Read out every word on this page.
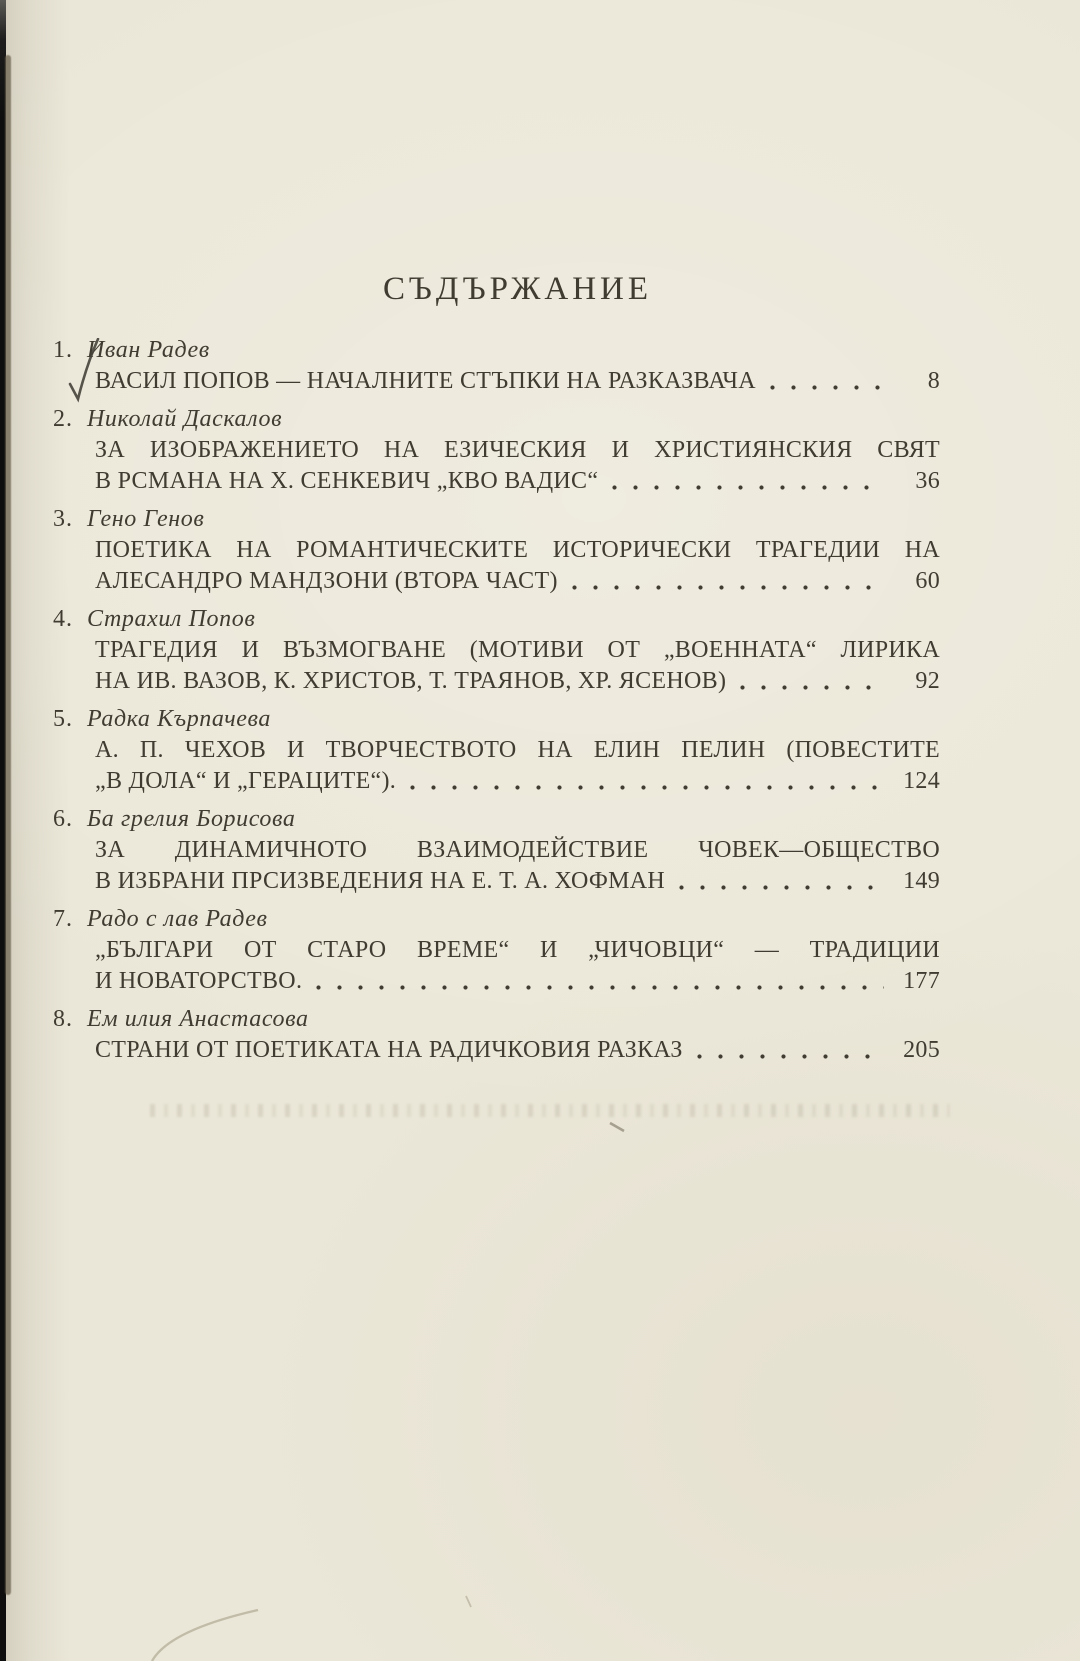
СЪДЪРЖАНИЕ
1. Иван Радев
ВАСИЛ ПОПОВ — НАЧАЛНИТЕ СТЪПКИ НА РАЗКАЗВАЧА	8
2. Николай Даскалов
ЗА ИЗОБРАЖЕНИЕТО НА ЕЗИЧЕСКИЯ И ХРИСТИЯНСКИЯ СВЯТ
В РСМАНА НА Х. СЕНКЕВИЧ „КВО ВАДИС“	36
3. Гено Генов
ПОЕТИКА НА РОМАНТИЧЕСКИТЕ ИСТОРИЧЕСКИ ТРАГЕДИИ НА
АЛЕСАНДРО МАНДЗОНИ (ВТОРА ЧАСТ)	60
4. Страхил Попов
ТРАГЕДИЯ И ВЪЗМОГВАНЕ (МОТИВИ ОТ „ВОЕННАТА“ ЛИРИКА
НА ИВ. ВАЗОВ, К. ХРИСТОВ, Т. ТРАЯНОВ, ХР. ЯСЕНОВ)	92
5. Радка Кърпачева
А. П. ЧЕХОВ И ТВОРЧЕСТВОТО НА ЕЛИН ПЕЛИН (ПОВЕСТИТЕ
„В ДОЛА“ И „ГЕРАЦИТЕ“).	124
6. Ба грелия Борисова
ЗА ДИНАМИЧНОТО ВЗАИМОДЕЙСТВИЕ ЧОВЕК—ОБЩЕСТВО
В ИЗБРАНИ ПРСИЗВЕДЕНИЯ НА Е. Т. А. ХОФМАН	149
7. Радо с лав Радев
„БЪЛГАРИ ОТ СТАРО ВРЕМЕ“ И „ЧИЧОВЦИ“ — ТРАДИЦИИ
И НОВАТОРСТВО.	177
8. Ем илия Анастасова
СТРАНИ ОТ ПОЕТИКАТА НА РАДИЧКОВИЯ РАЗКАЗ	205
